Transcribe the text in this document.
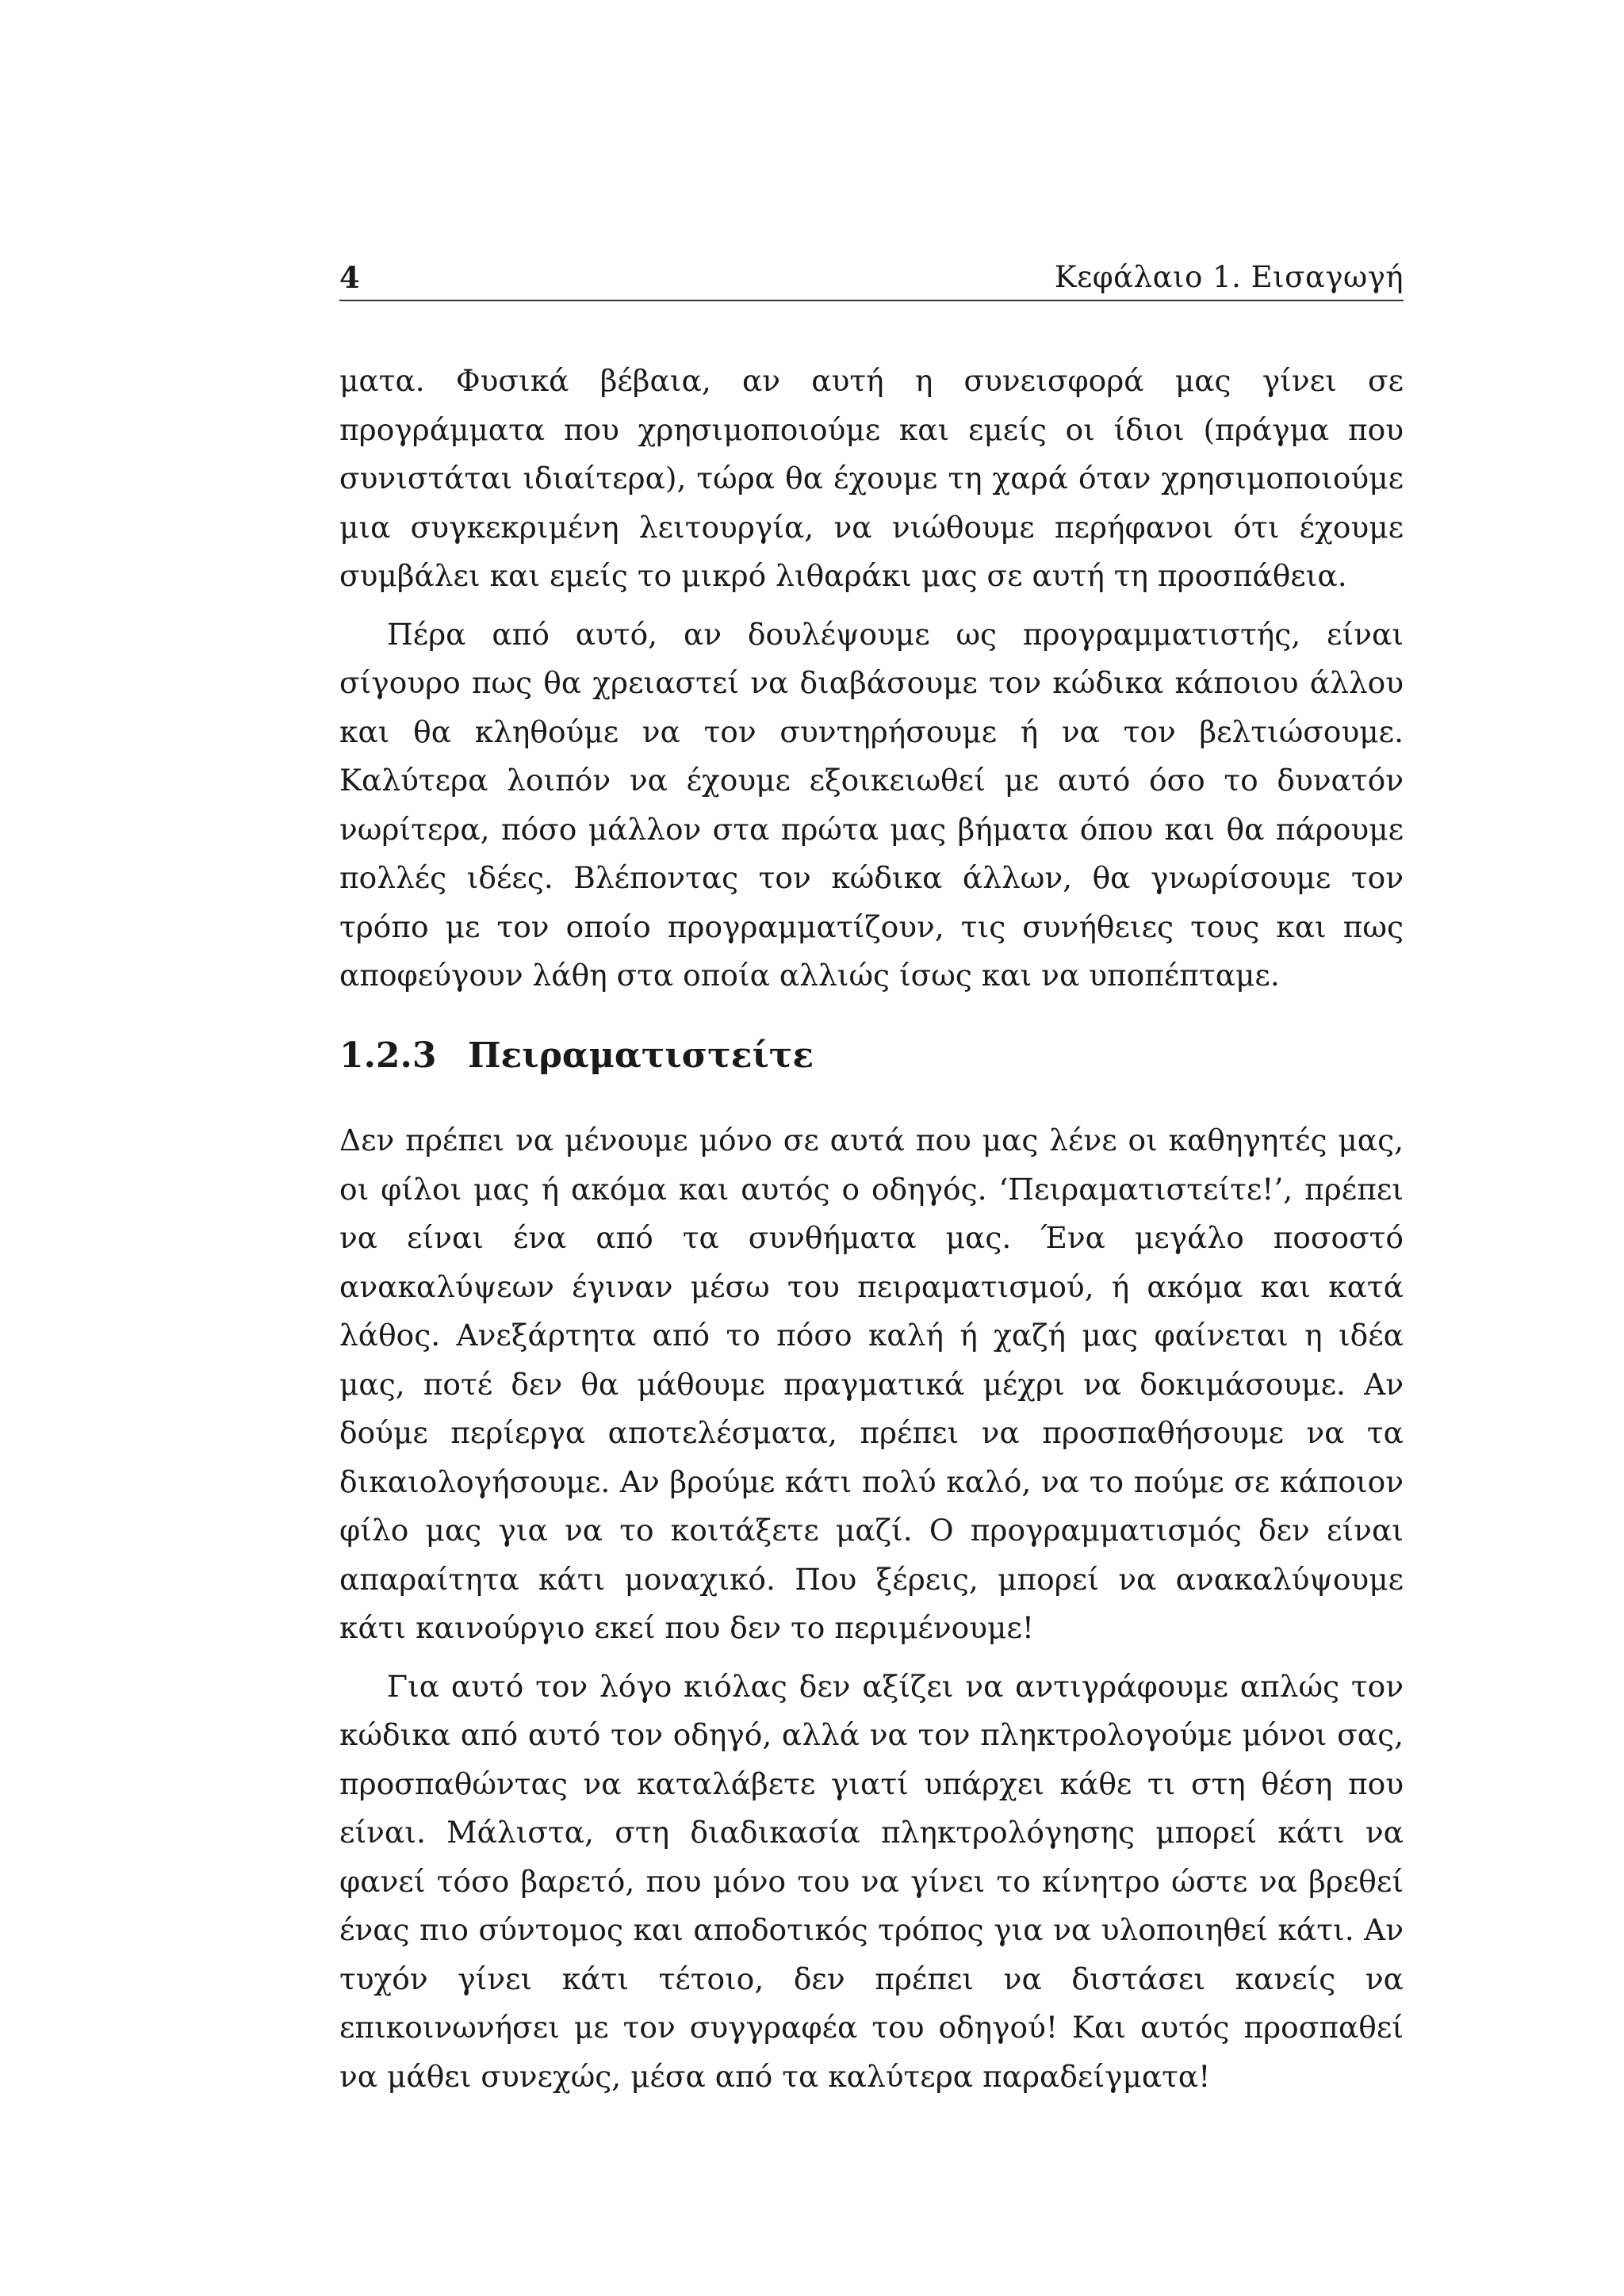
4	Κεφάλαιο 1. Εισαγωγή

ματα. Φυσικά βέβαια, αν αυτή η συνεισφορά μας γίνει σε προγράμματα που χρησιμοποιούμε και εμείς οι ίδιοι (πράγμα που συνιστάται ιδιαίτερα), τώρα θα έχουμε τη χαρά όταν χρησιμοποιούμε μια συγκεκριμένη λειτουργία, να νιώθουμε περήφανοι ότι έχουμε συμβάλει και εμείς το μικρό λιθαράκι μας σε αυτή τη προσπάθεια.

Πέρα από αυτό, αν δουλέψουμε ως προγραμματιστής, είναι σίγουρο πως θα χρειαστεί να διαβάσουμε τον κώδικα κάποιου άλλου και θα κληθούμε να τον συντηρήσουμε ή να τον βελτιώσουμε. Καλύτερα λοιπόν να έχουμε εξοικειωθεί με αυτό όσο το δυνατόν νωρίτερα, πόσο μάλλον στα πρώτα μας βήματα όπου και θα πάρουμε πολλές ιδέες. Βλέποντας τον κώδικα άλλων, θα γνωρίσουμε τον τρόπο με τον οποίο προγραμματίζουν, τις συνήθειες τους και πως αποφεύγουν λάθη στα οποία αλλιώς ίσως και να υποπέπταμε.

1.2.3 Πειραματιστείτε

Δεν πρέπει να μένουμε μόνο σε αυτά που μας λένε οι καθηγητές μας, οι φίλοι μας ή ακόμα και αυτός ο οδηγός. ‘Πειραματιστείτε!’, πρέπει να είναι ένα από τα συνθήματα μας. Ένα μεγάλο ποσοστό ανακαλύψεων έγιναν μέσω του πειραματισμού, ή ακόμα και κατά λάθος. Ανεξάρτητα από το πόσο καλή ή χαζή μας φαίνεται η ιδέα μας, ποτέ δεν θα μάθουμε πραγματικά μέχρι να δοκιμάσουμε. Αν δούμε περίεργα αποτελέσματα, πρέπει να προσπαθήσουμε να τα δικαιολογήσουμε. Αν βρούμε κάτι πολύ καλό, να το πούμε σε κάποιον φίλο μας για να το κοιτάξετε μαζί. Ο προγραμματισμός δεν είναι απαραίτητα κάτι μοναχικό. Που ξέρεις, μπορεί να ανακαλύψουμε κάτι καινούργιο εκεί που δεν το περιμένουμε!

Για αυτό τον λόγο κιόλας δεν αξίζει να αντιγράφουμε απλώς τον κώδικα από αυτό τον οδηγό, αλλά να τον πληκτρολογούμε μόνοι σας, προσπαθώντας να καταλάβετε γιατί υπάρχει κάθε τι στη θέση που είναι. Μάλιστα, στη διαδικασία πληκτρολόγησης μπορεί κάτι να φανεί τόσο βαρετό, που μόνο του να γίνει το κίνητρο ώστε να βρεθεί ένας πιο σύντομος και αποδοτικός τρόπος για να υλοποιηθεί κάτι. Αν τυχόν γίνει κάτι τέτοιο, δεν πρέπει να διστάσει κανείς να επικοινωνήσει με τον συγγραφέα του οδηγού! Και αυτός προσπαθεί να μάθει συνεχώς, μέσα από τα καλύτερα παραδείγματα!
